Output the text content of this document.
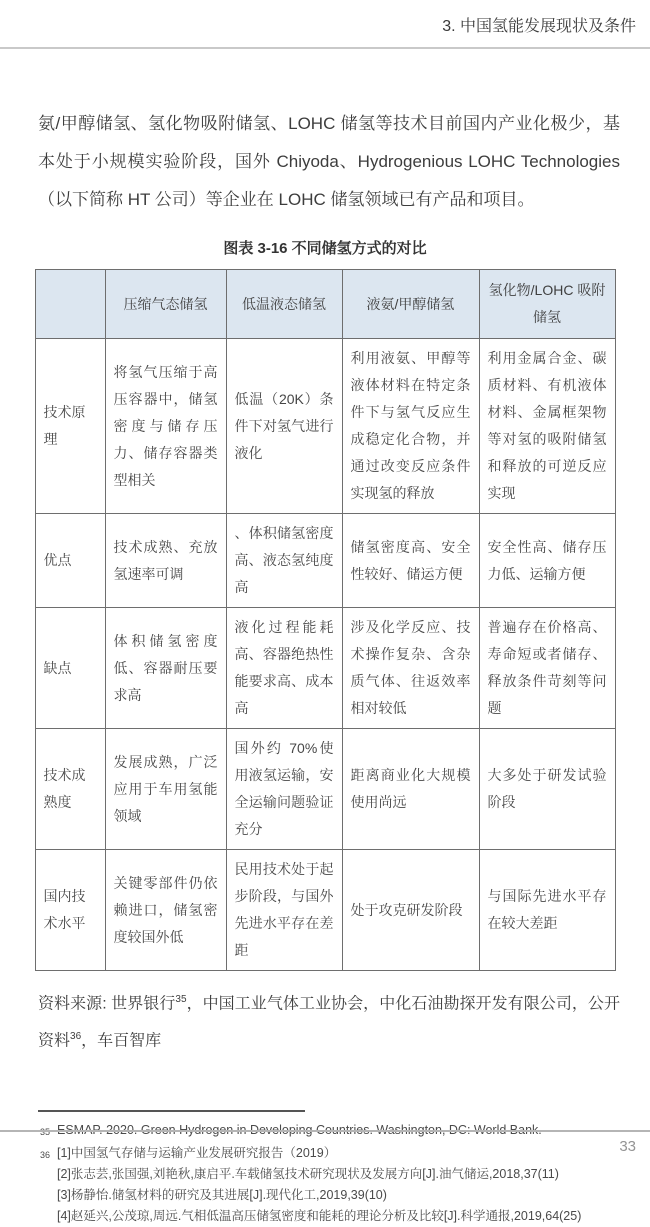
3. 中国氢能发展现状及条件

氨/甲醇储氢、氢化物吸附储氢、LOHC 储氢等技术目前国内产业化极少，基本处于小规模实验阶段，国外 Chiyoda、Hydrogenious LOHC Technologies（以下简称 HT 公司）等企业在 LOHC 储氢领域已有产品和项目。

图表 3-16 不同储氢方式的对比
	压缩气态储氢	低温液态储氢	液氨/甲醇储氢	氢化物/LOHC 吸附储氢
技术原理	将氢气压缩于高压容器中，储氢密度与储存压力、储存容器类型相关	低温（20K）条件下对氢气进行液化	利用液氨、甲醇等液体材料在特定条件下与氢气反应生成稳定化合物，并通过改变反应条件实现氢的释放	利用金属合金、碳质材料、有机液体材料、金属框架物等对氢的吸附储氢和释放的可逆反应实现
优点	技术成熟、充放氢速率可调	、体积储氢密度高、液态氢纯度高	储氢密度高、安全性较好、储运方便	安全性高、储存压力低、运输方便
缺点	体积储氢密度低、容器耐压要求高	液化过程能耗高、容器绝热性能要求高、成本高	涉及化学反应、技术操作复杂、含杂质气体、往返效率相对较低	普遍存在价格高、寿命短或者储存、释放条件苛刻等问题
技术成熟度	发展成熟，广泛应用于车用氢能领域	国外约 70%使用液氢运输，安全运输问题验证充分	距离商业化大规模使用尚远	大多处于研发试验阶段
国内技术水平	关键零部件仍依赖进口，储氢密度较国外低	民用技术处于起步阶段，与国外先进水平存在差距	处于攻克研发阶段	与国际先进水平存在较大差距

资料来源: 世界银行$^{35}$，中国工业气体工业协会，中化石油勘探开发有限公司，公开资料$^{36}$，车百智库

35 ESMAP. 2020. Green Hydrogen in Developing Countries. Washington, DC: World Bank.
36 [1]中国氢气存储与运输产业发展研究报告（2019）
[2]张志芸,张国强,刘艳秋,康启平.车载储氢技术研究现状及发展方向[J].油气储运,2018,37(11)
[3]杨静怡.储氢材料的研究及其进展[J].现代化工,2019,39(10)
[4]赵延兴,公茂琼,周远.气相低温高压储氢密度和能耗的理论分析及比较[J].科学通报,2019,64(25)
33
